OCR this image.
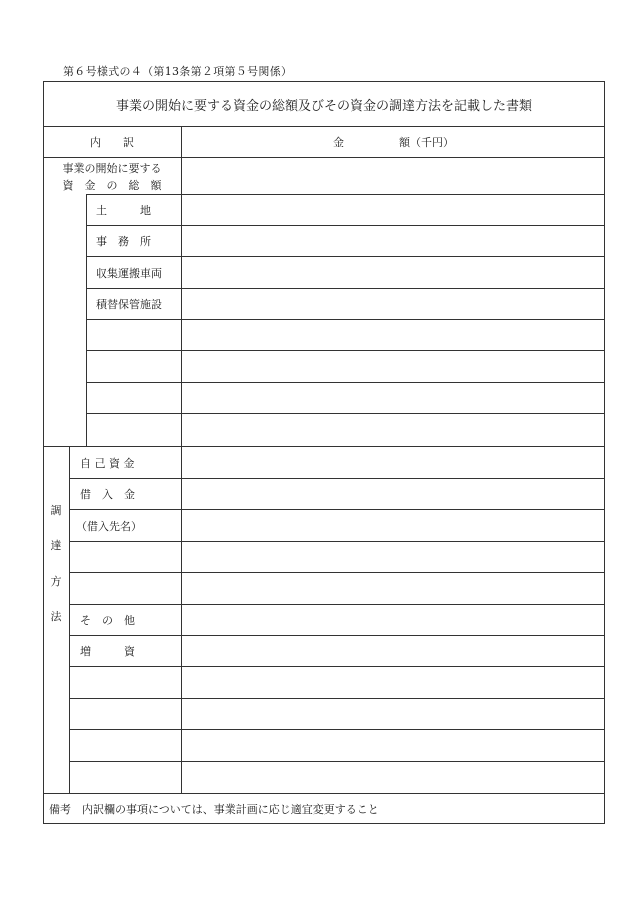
第６号様式の４（第13条第２項第５号関係）
事業の開始に要する資金の総額及びその資金の調達方法を記載した書類
内　　訳	金　　　　　額（千円）
事業の開始に要する
資　金　の　総　額
土　　　地
事　務　所
収集運搬車両
積替保管施設
調
達
方
法
自 己 資 金
借　入　金
（借入先名）
そ　の　他
増　　　資
備考　内訳欄の事項については、事業計画に応じ適宜変更すること
